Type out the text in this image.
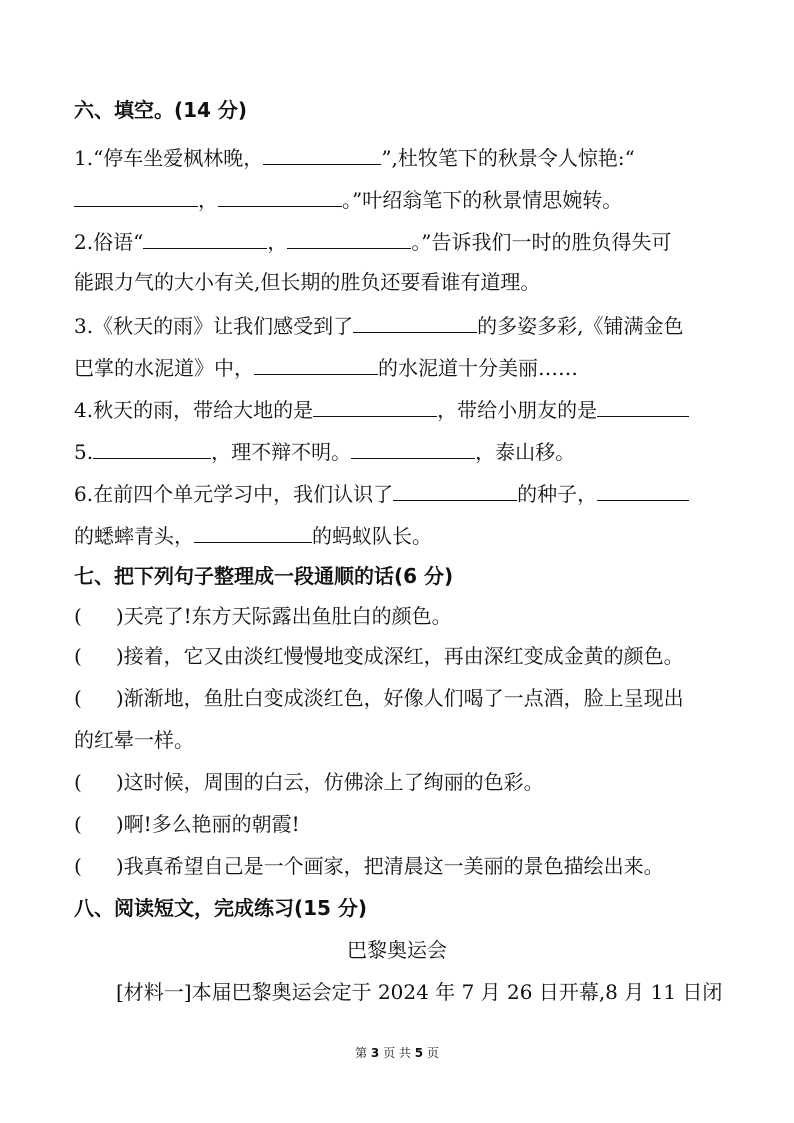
六、填空。(14 分)
1.“停车坐爱枫林晚，	”,杜牧笔下的秋景令人惊艳:“
，	。”叶绍翁笔下的秋景情思婉转。
2.俗语“	，	。”告诉我们一时的胜负得失可
能跟力气的大小有关,但长期的胜负还要看谁有道理。
3.《秋天的雨》让我们感受到了	的多姿多彩,《铺满金色
巴掌的水泥道》中，	的水泥道十分美丽……
4.秋天的雨，带给大地的是	，带给小朋友的是
5.	，理不辩不明。	，泰山移。
6.在前四个单元学习中，我们认识了	的种子，
的蟋蟀青头，	的蚂蚁队长。
七、把下列句子整理成一段通顺的话(6 分)
( )天亮了!东方天际露出鱼肚白的颜色。
( )接着，它又由淡红慢慢地变成深红，再由深红变成金黄的颜色。
( )渐渐地，鱼肚白变成淡红色，好像人们喝了一点酒，脸上呈现出
的红晕一样。
( )这时候，周围的白云，仿佛涂上了绚丽的色彩。
( )啊!多么艳丽的朝霞!
( )我真希望自己是一个画家，把清晨这一美丽的景色描绘出来。
八、阅读短文，完成练习(15 分)
巴黎奥运会
[材料一]本届巴黎奥运会定于 2024 年 7 月 26 日开幕,8 月 11 日闭
第 3 页 共 5 页
